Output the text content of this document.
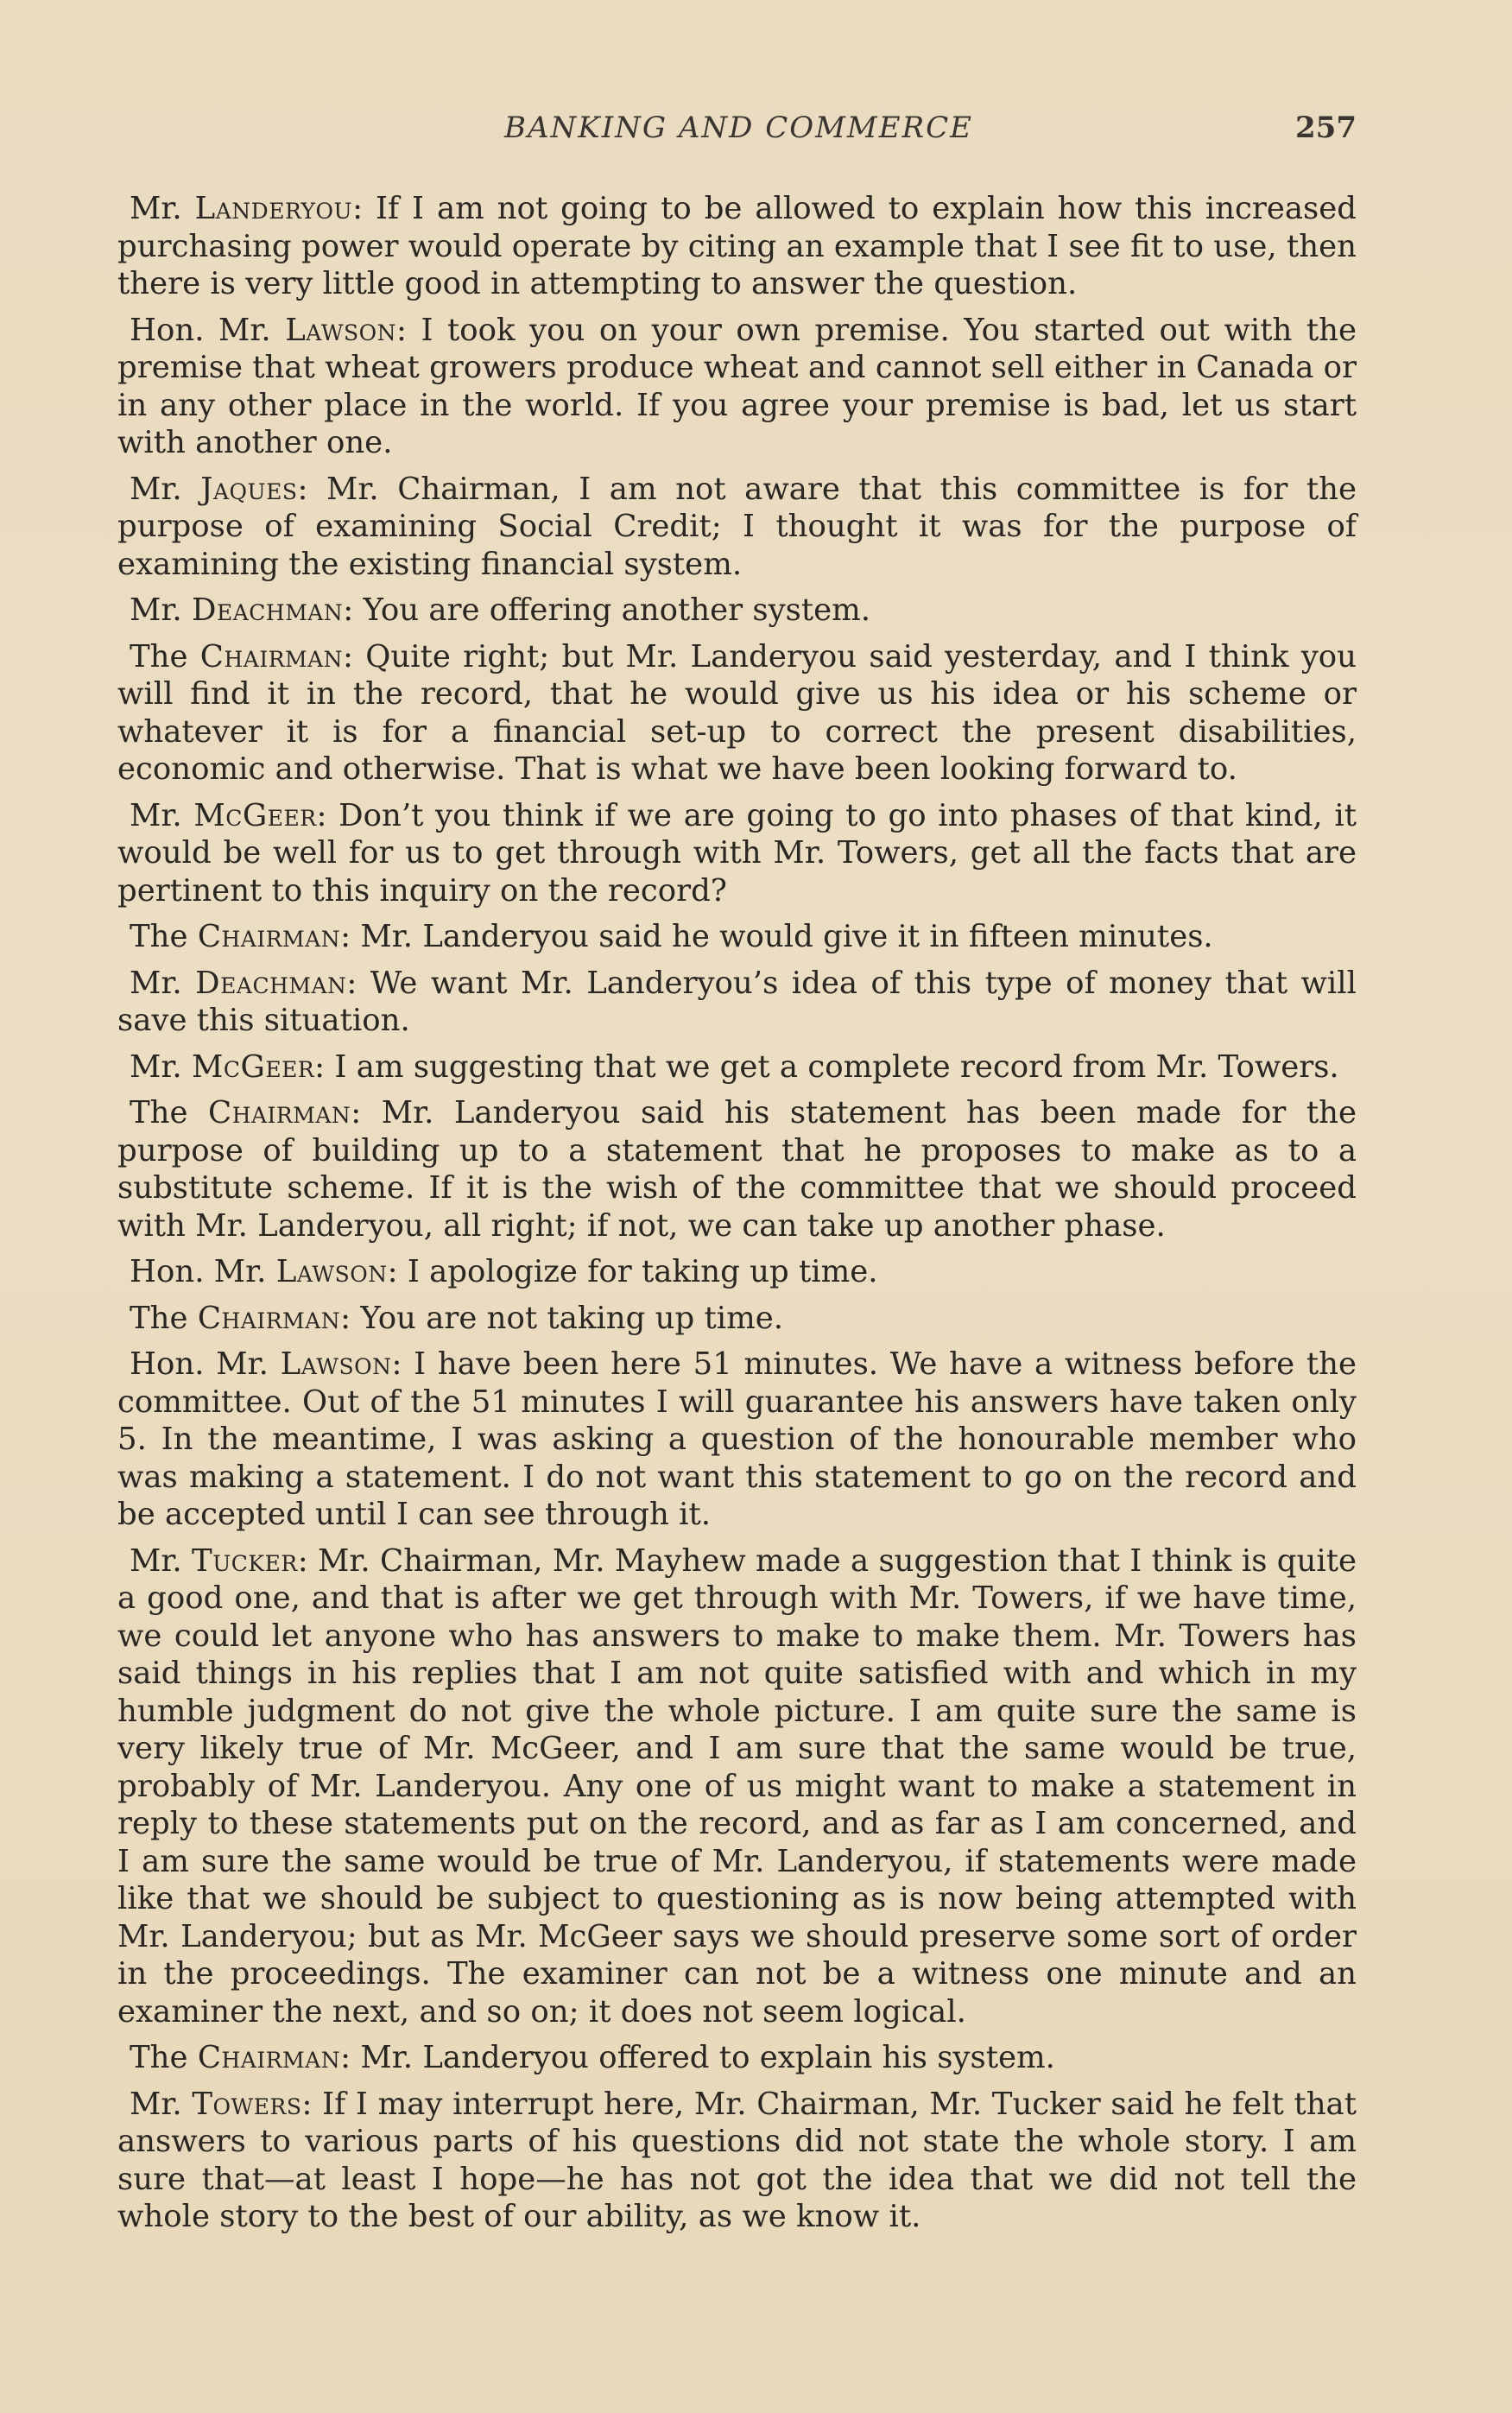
BANKING AND COMMERCE	257

Mr. Landeryou: If I am not going to be allowed to explain how this increased purchasing power would operate by citing an example that I see fit to use, then there is very little good in attempting to answer the question.

Hon. Mr. Lawson: I took you on your own premise. You started out with the premise that wheat growers produce wheat and cannot sell either in Canada or in any other place in the world. If you agree your premise is bad, let us start with another one.

Mr. Jaques: Mr. Chairman, I am not aware that this committee is for the purpose of examining Social Credit; I thought it was for the purpose of examining the existing financial system.

Mr. Deachman: You are offering another system.

The Chairman: Quite right; but Mr. Landeryou said yesterday, and I think you will find it in the record, that he would give us his idea or his scheme or whatever it is for a financial set-up to correct the present disabilities, economic and otherwise. That is what we have been looking forward to.

Mr. McGeer: Don’t you think if we are going to go into phases of that kind, it would be well for us to get through with Mr. Towers, get all the facts that are pertinent to this inquiry on the record?

The Chairman: Mr. Landeryou said he would give it in fifteen minutes.

Mr. Deachman: We want Mr. Landeryou’s idea of this type of money that will save this situation.

Mr. McGeer: I am suggesting that we get a complete record from Mr. Towers.

The Chairman: Mr. Landeryou said his statement has been made for the purpose of building up to a statement that he proposes to make as to a substitute scheme. If it is the wish of the committee that we should proceed with Mr. Landeryou, all right; if not, we can take up another phase.

Hon. Mr. Lawson: I apologize for taking up time.

The Chairman: You are not taking up time.

Hon. Mr. Lawson: I have been here 51 minutes. We have a witness before the committee. Out of the 51 minutes I will guarantee his answers have taken only 5. In the meantime, I was asking a question of the honourable member who was making a statement. I do not want this statement to go on the record and be accepted until I can see through it.

Mr. Tucker: Mr. Chairman, Mr. Mayhew made a suggestion that I think is quite a good one, and that is after we get through with Mr. Towers, if we have time, we could let anyone who has answers to make to make them. Mr. Towers has said things in his replies that I am not quite satisfied with and which in my humble judgment do not give the whole picture. I am quite sure the same is very likely true of Mr. McGeer, and I am sure that the same would be true, probably of Mr. Landeryou. Any one of us might want to make a statement in reply to these statements put on the record, and as far as I am concerned, and I am sure the same would be true of Mr. Landeryou, if statements were made like that we should be subject to questioning as is now being attempted with Mr. Landeryou; but as Mr. McGeer says we should preserve some sort of order in the proceedings. The examiner can not be a witness one minute and an examiner the next, and so on; it does not seem logical.

The Chairman: Mr. Landeryou offered to explain his system.

Mr. Towers: If I may interrupt here, Mr. Chairman, Mr. Tucker said he felt that answers to various parts of his questions did not state the whole story. I am sure that—at least I hope—he has not got the idea that we did not tell the whole story to the best of our ability, as we know it.
